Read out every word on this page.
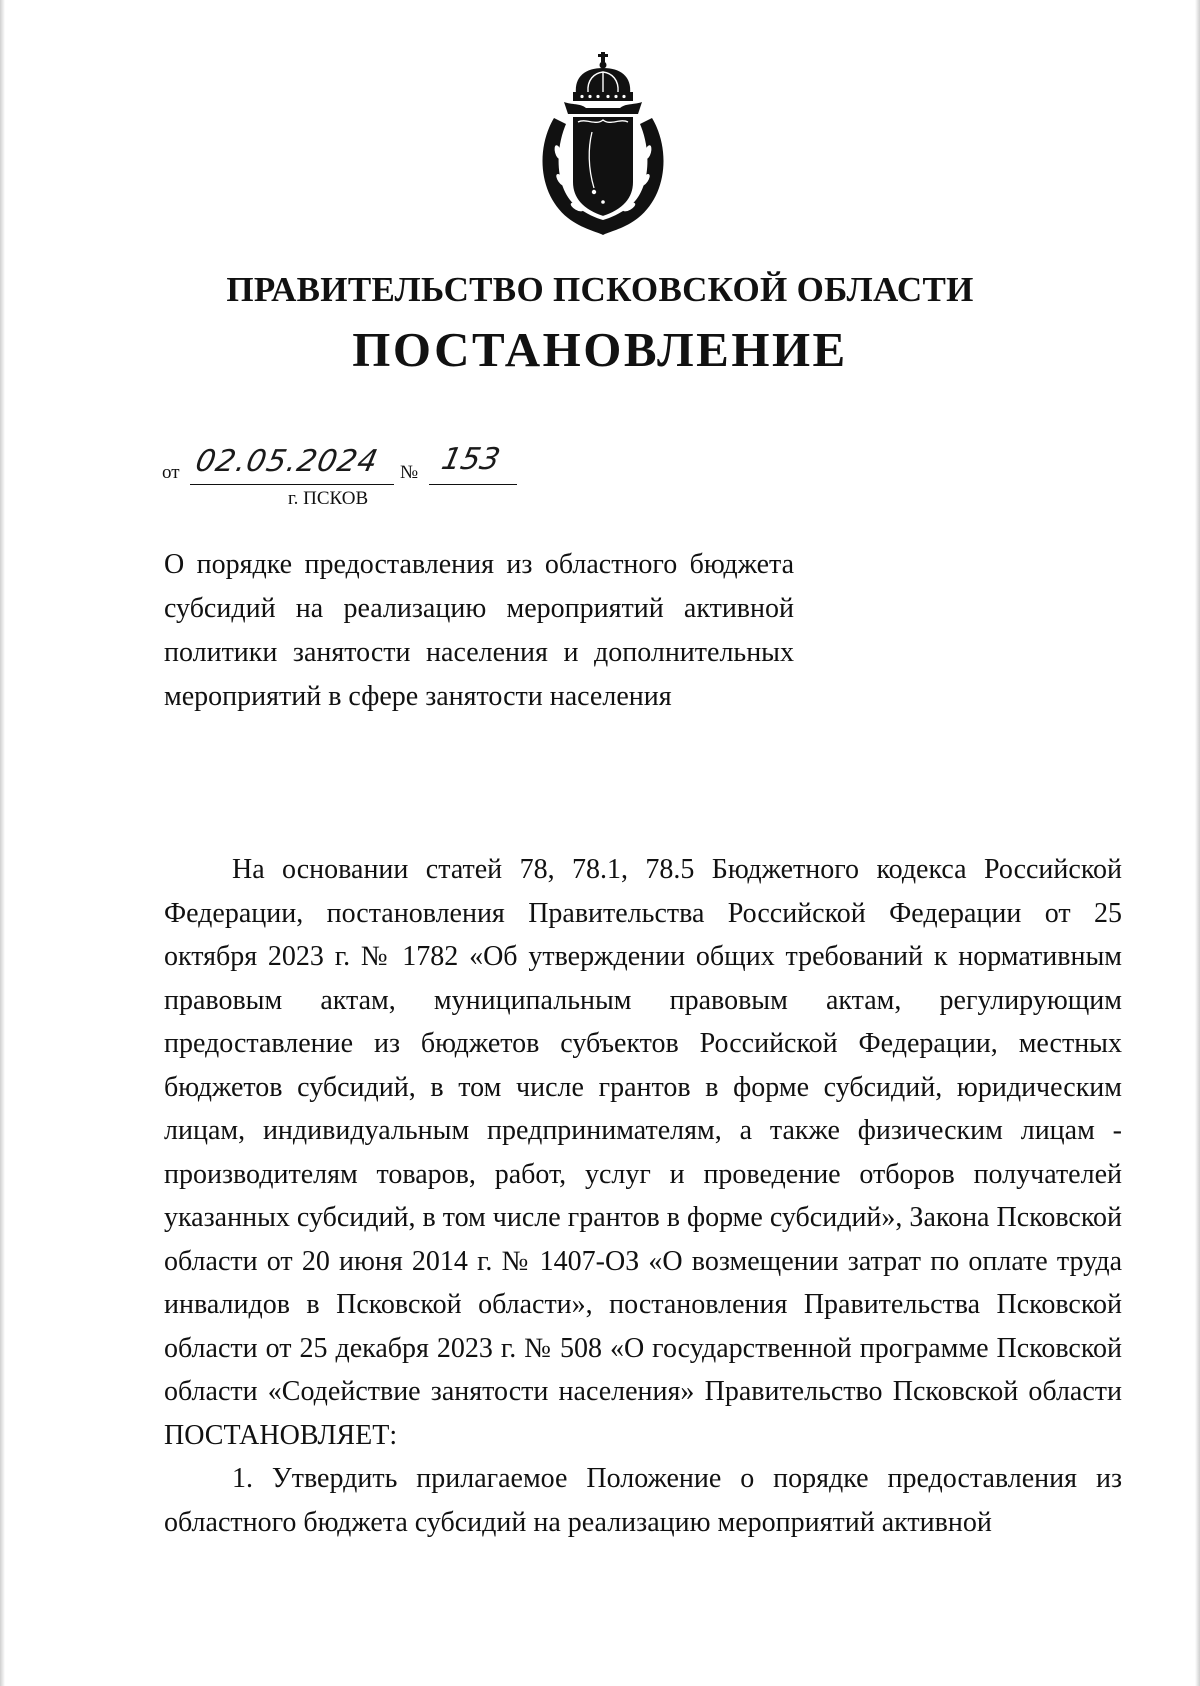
ПРАВИТЕЛЬСТВО ПСКОВСКОЙ ОБЛАСТИ
ПОСТАНОВЛЕНИЕ
от 02.05.2024 № 153
г. ПСКОВ

О порядке предоставления из областного бюджета субсидий на реализацию мероприятий активной политики занятости населения и дополнительных мероприятий в сфере занятости населения

На основании статей 78, 78.1, 78.5 Бюджетного кодекса Российской Федерации, постановления Правительства Российской Федерации от 25 октября 2023 г. № 1782 «Об утверждении общих требований к нормативным правовым актам, муниципальным правовым актам, регулирующим предоставление из бюджетов субъектов Российской Федерации, местных бюджетов субсидий, в том числе грантов в форме субсидий, юридическим лицам, индивидуальным предпринимателям, а также физическим лицам - производителям товаров, работ, услуг и проведение отборов получателей указанных субсидий, в том числе грантов в форме субсидий», Закона Псковской области от 20 июня 2014 г. № 1407-ОЗ «О возмещении затрат по оплате труда инвалидов в Псковской области», постановления Правительства Псковской области от 25 декабря 2023 г. № 508 «О государственной программе Псковской области «Содействие занятости населения» Правительство Псковской области ПОСТАНОВЛЯЕТ:

1. Утвердить прилагаемое Положение о порядке предоставления из областного бюджета субсидий на реализацию мероприятий активной
